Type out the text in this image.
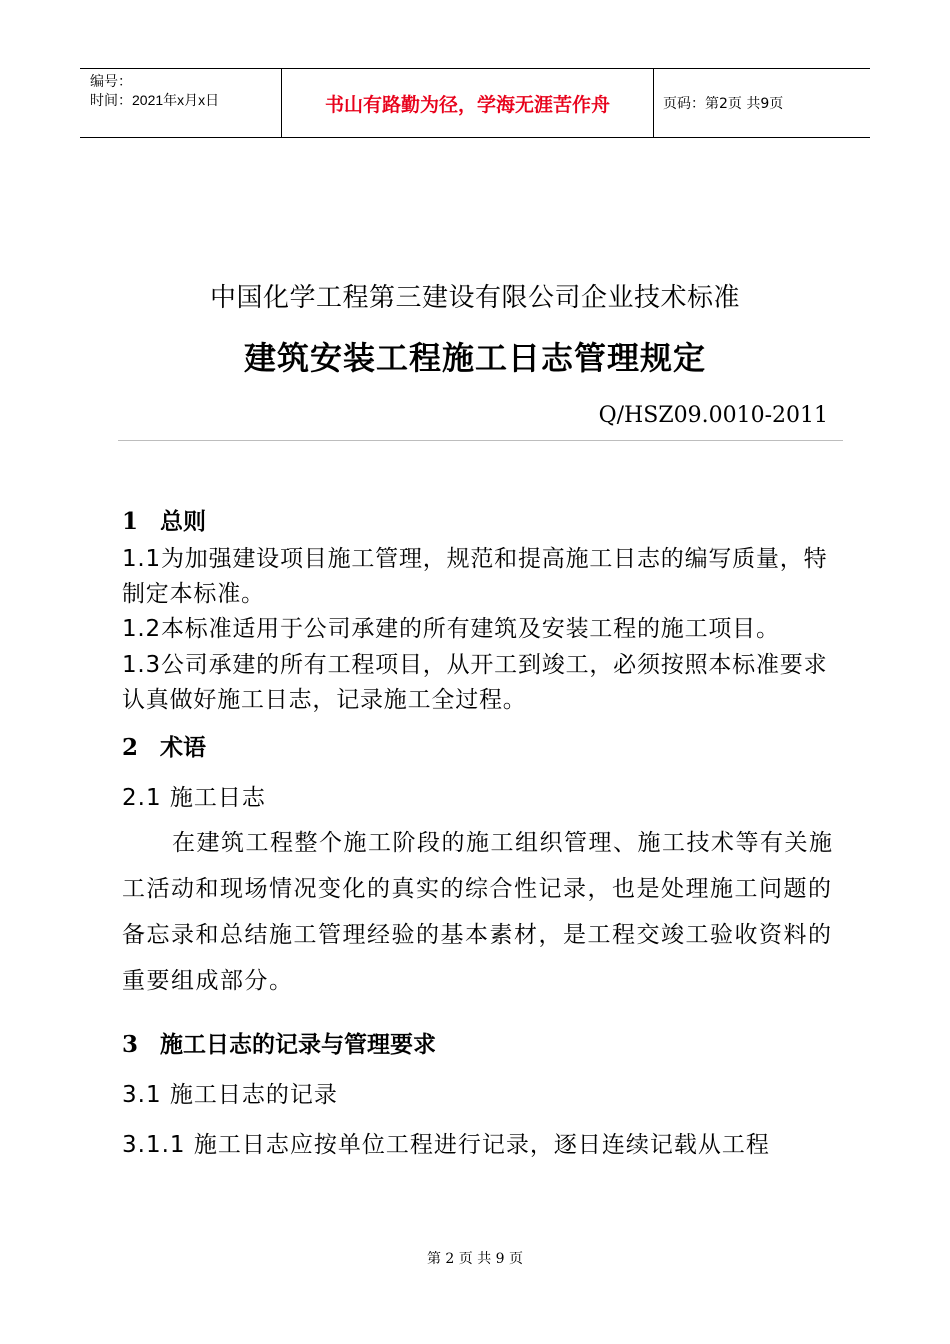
编号：
时间：2021年x月x日	书山有路勤为径，学海无涯苦作舟	页码：第2页 共9页
中国化学工程第三建设有限公司企业技术标准
建筑安装工程施工日志管理规定
Q/HSZ09.0010-2011
1 总则
1.1为加强建设项目施工管理，规范和提高施工日志的编写质量，特制定本标准。
1.2本标准适用于公司承建的所有建筑及安装工程的施工项目。
1.3公司承建的所有工程项目，从开工到竣工，必须按照本标准要求认真做好施工日志，记录施工全过程。
2 术语
2.1 施工日志
在建筑工程整个施工阶段的施工组织管理、施工技术等有关施工活动和现场情况变化的真实的综合性记录，也是处理施工问题的备忘录和总结施工管理经验的基本素材，是工程交竣工验收资料的重要组成部分。
3 施工日志的记录与管理要求
3.1 施工日志的记录
3.1.1 施工日志应按单位工程进行记录，逐日连续记载从工程
第 2 页 共 9 页
